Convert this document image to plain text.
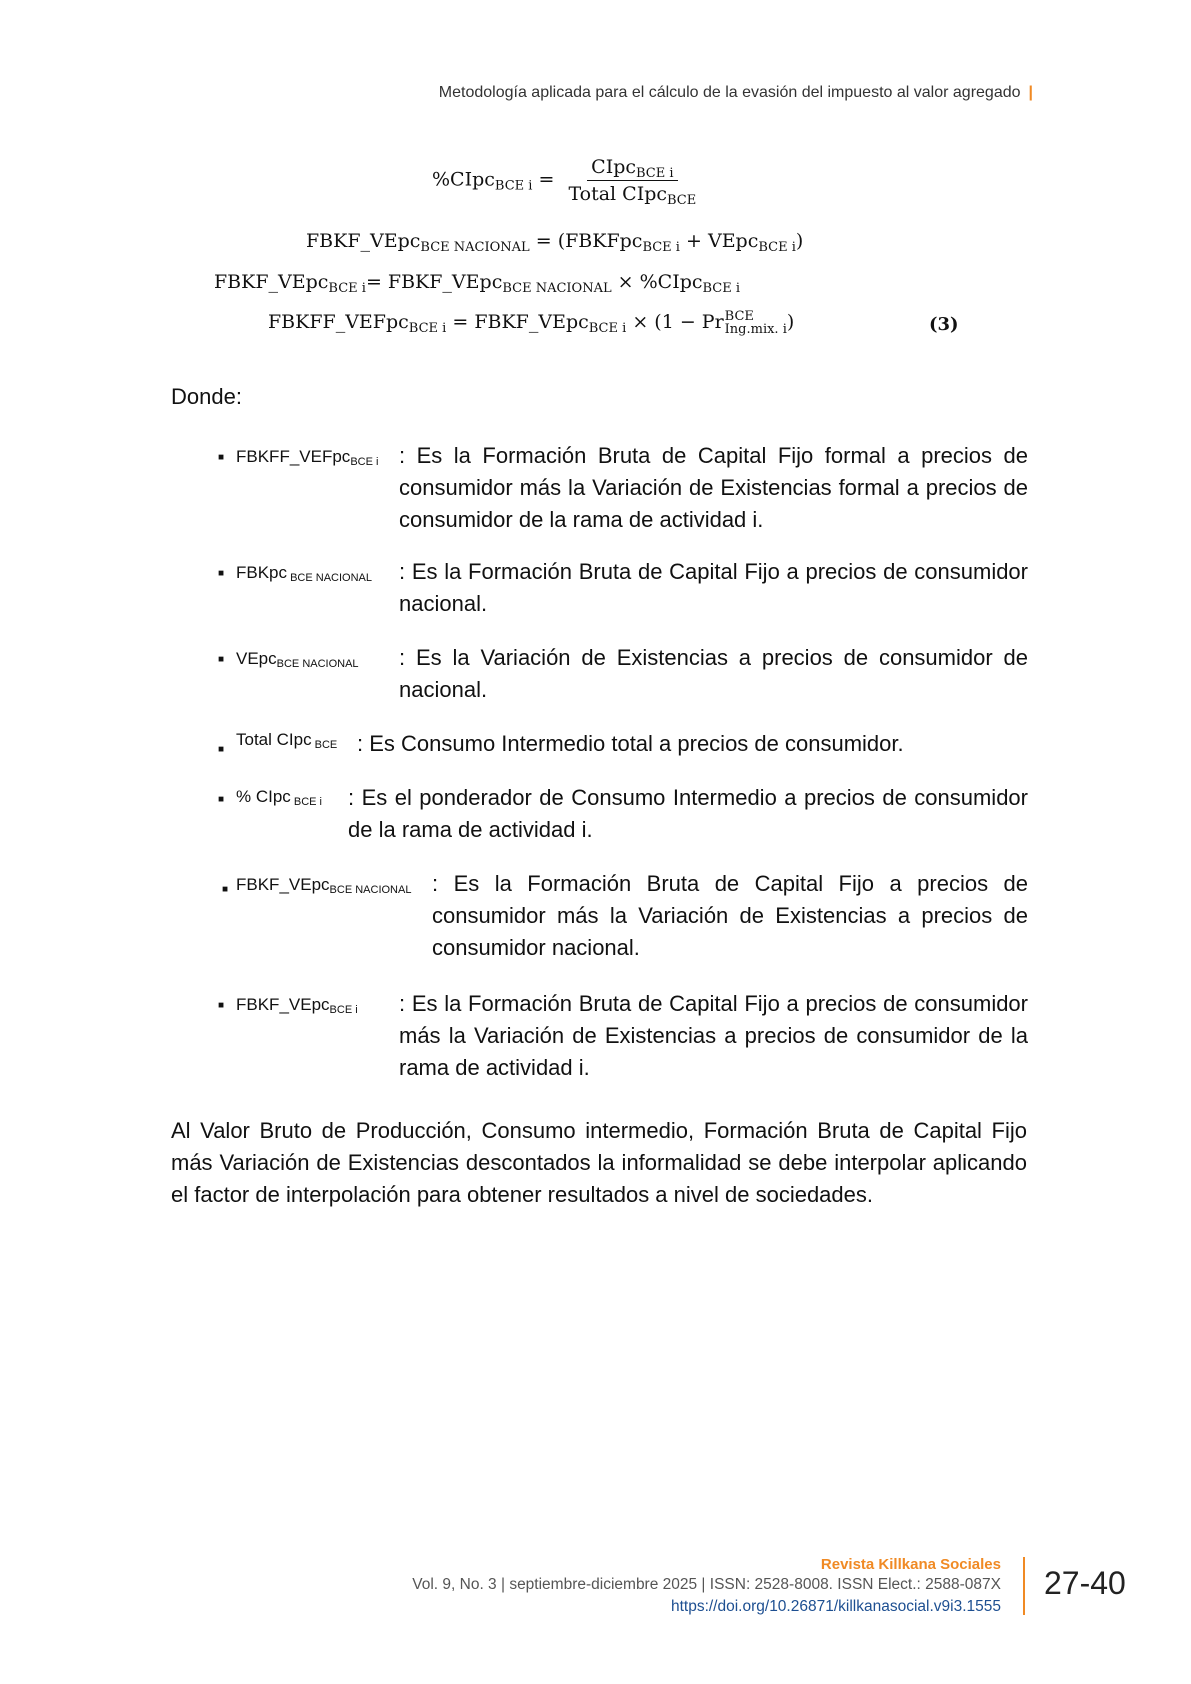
Metodología aplicada para el cálculo de la evasión del impuesto al valor agregado |
%CIpc$_{BCE i}$ = $\frac{CIpc_{BCE i}}{Total CIpc_{BCE}}$
FBKF_VEpc$_{BCE NACIONAL}$ = (FBKFpc$_{BCE i}$ + VEpc$_{BCE i}$)
FBKF_VEpc$_{BCE i}$= FBKF_VEpc$_{BCE NACIONAL}$ × %CIpc$_{BCE i}$
FBKFF_VEFpc$_{BCE i}$ = FBKF_VEpc$_{BCE i}$ × (1 − Pr BCE
Ing.mix. i )	(3)
Donde:
■ FBKFF_VEFpc$_{BCE i}$ : Es la Formación Bruta de Capital Fijo formal a precios de consumidor más la Variación de Existencias formal a precios de consumidor de la rama de actividad i.
■ FBKpc $_{BCE NACIONAL}$ : Es la Formación Bruta de Capital Fijo a precios de consumidor nacional.
■ VEpc$_{BCE NACIONAL}$ : Es la Variación de Existencias a precios de consumidor de nacional.
■
Total CIpc $_{BCE}$ : Es Consumo Intermedio total a precios de consumidor.
■ % CIpc $_{BCE i}$ : Es el ponderador de Consumo Intermedio a precios de consumidor de la rama de actividad i.
■ FBKF_VEpc$_{BCE NACIONAL}$ : Es la Formación Bruta de Capital Fijo a precios de consumidor más la Variación de Existencias a precios de consumidor nacional.
■ FBKF_VEpc$_{BCE i}$ : Es la Formación Bruta de Capital Fijo a precios de consumidor más la Variación de Existencias a precios de consumidor de la rama de actividad i.
Al Valor Bruto de Producción, Consumo intermedio, Formación Bruta de Capital Fijo más Variación de Existencias descontados la informalidad se debe interpolar aplicando el factor de interpolación para obtener resultados a nivel de sociedades.
Revista Killkana Sociales
Vol. 9, No. 3 | septiembre-diciembre 2025 | ISSN: 2528-8008. ISSN Elect.: 2588-087X
https://doi.org/10.26871/killkanasocial.v9i3.1555
27-40
